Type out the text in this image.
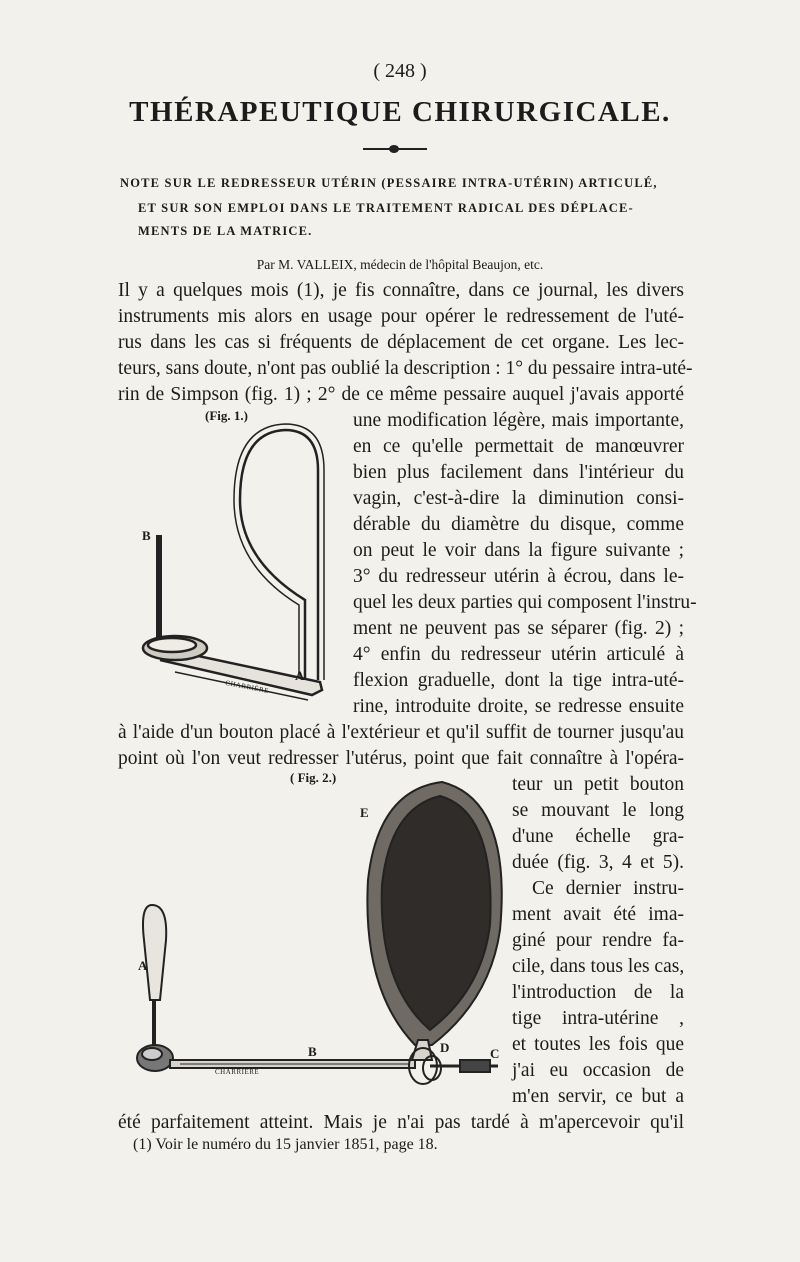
( 248 )
THÉRAPEUTIQUE CHIRURGICALE.
NOTE SUR LE REDRESSEUR UTÉRIN (PESSAIRE INTRA-UTÉRIN) ARTICULÉ,
ET SUR SON EMPLOI DANS LE TRAITEMENT RADICAL DES DÉPLACE-
MENTS DE LA MATRICE.
Par M. VALLEIX, médecin de l'hôpital Beaujon, etc.
Il y a quelques mois (1), je fis connaître, dans ce journal, les divers
instruments mis alors en usage pour opérer le redressement de l'uté-
rus dans les cas si fréquents de déplacement de cet organe. Les lec-
teurs, sans doute, n'ont pas oublié la description : 1° du pessaire intra-uté-
rin de Simpson (fig. 1) ; 2° de ce même pessaire auquel j'avais apporté
(Fig. 1.)
B
A
CHARRIÈRE
une modification légère, mais importante,
en ce qu'elle permettait de manœuvrer
bien plus facilement dans l'intérieur du
vagin, c'est-à-dire la diminution consi-
dérable du diamètre du disque, comme
on peut le voir dans la figure suivante ;
3° du redresseur utérin à écrou, dans le-
quel les deux parties qui composent l'instru-
ment ne peuvent pas se séparer (fig. 2) ;
4° enfin du redresseur utérin articulé à
flexion graduelle, dont la tige intra-uté-
rine, introduite droite, se redresse ensuite
à l'aide d'un bouton placé à l'extérieur et qu'il suffit de tourner jusqu'au
point où l'on veut redresser l'utérus, point que fait connaître à l'opéra-
( Fig. 2.)
E
A
B	D	C
CHARRIÈRE
teur un petit bouton
se mouvant le long
d'une échelle gra-
duée (fig. 3, 4 et 5).
Ce dernier instru-
ment avait été ima-
giné pour rendre fa-
cile, dans tous les cas,
l'introduction de la
tige intra-utérine ,
et toutes les fois que
j'ai eu occasion de
m'en servir, ce but a
été parfaitement atteint. Mais je n'ai pas tardé à m'apercevoir qu'il
(1) Voir le numéro du 15 janvier 1851, page 18.
